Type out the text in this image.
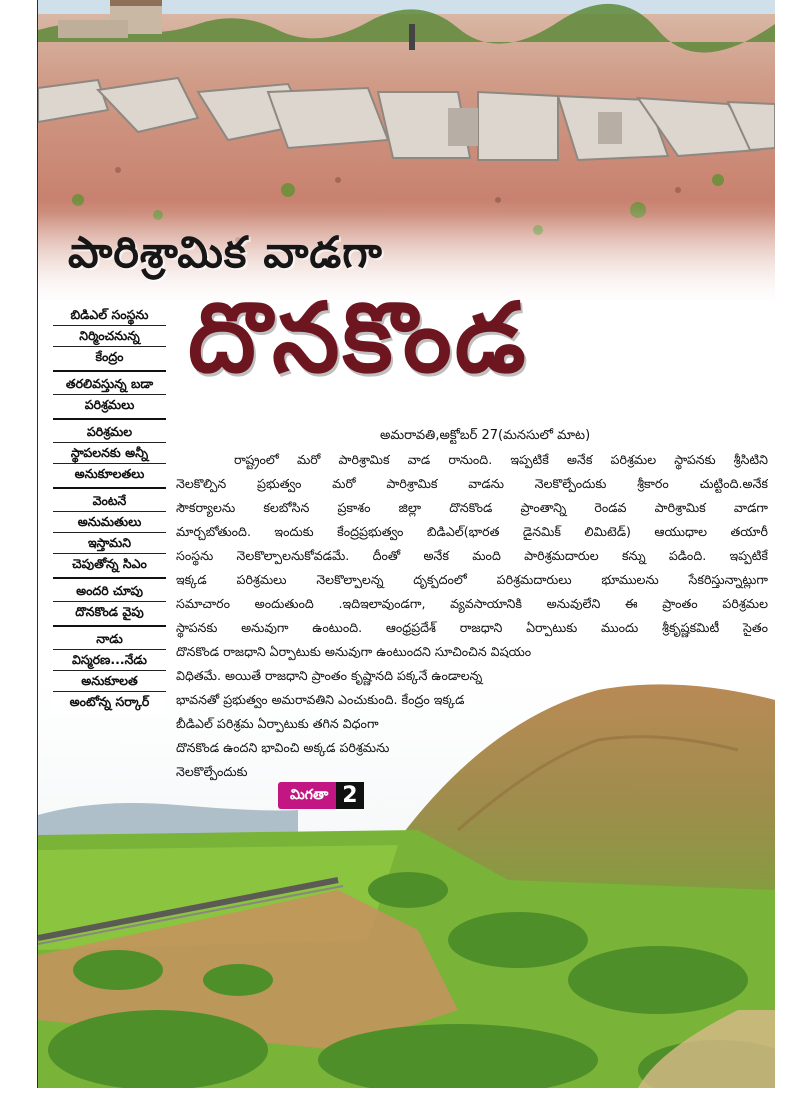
పారిశ్రామిక వాడగా
దొనకొండ
బిడిఎల్ సంస్థను
నిర్మించనున్న
కేంద్రం
తరలివస్తున్న బడా
పరిశ్రమలు
పరిశ్రమల
స్థాపలనకు అన్నీ
అనుకూలతలు
వెంటనే
అనుమతులు
ఇస్తామని
చెపుతోన్న సిఎం
అందరి చూపు
దొనకొండ వైపు
నాడు
విస్మరణ...నేడు
అనుకూలత
అంటోన్న సర్కార్
అమరావతి,అక్టోబర్ 27(మనసులో మాట)
రాష్ట్రంలో మరో పారిశ్రామిక వాడ రానుంది. ఇప్పటికే అనేక పరిశ్రమల స్థాపనకు శ్రీసిటిని
నెలకొల్పిన ప్రభుత్వం మరో పారిశ్రామిక వాడను నెలకొల్పేందుకు శ్రీకారం చుట్టింది.అనేక
సౌకర్యాలను కలబోసిన ప్రకాశం జిల్లా దొనకొండ ప్రాంతాన్ని రెండవ పారిశ్రామిక వాడగా
మార్చబోతుంది. ఇందుకు కేంద్రప్రభుత్వం బిడిఎల్(భారత డైనమిక్ లిమిటెడ్) ఆయుధాల తయారీ
సంస్థను నెలకొల్పాలనుకోవడమే. దీంతో అనేక మంది పారిశ్రమదారుల కన్ను పడింది. ఇప్పటికే
ఇక్కడ పరిశ్రమలు నెలకొల్పాలన్న దృక్పదంలో పరిశ్రమదారులు భూములను సేకరిస్తున్నాట్లుగా
సమాచారం అందుతుంది .ఇదిఇలావుండగా, వ్యవసాయానికి అనువులేని ఈ ప్రాంతం పరిశ్రమల
స్థాపనకు అనువుగా ఉంటుంది. ఆంధ్రప్రదేశ్ రాజధాని ఏర్పాటుకు ముందు శ్రీకృష్ణకమిటీ సైతం
దొనకొండ రాజధాని ఏర్పాటుకు అనువుగా ఉంటుందని సూచించిన విషయం
విధితమే. అయితే రాజధాని ప్రాంతం కృష్ణానది పక్కనే ఉండాలన్న
భావనతో ప్రభుత్వం అమరావతిని ఎంచుకుంది. కేంద్రం ఇక్కడ
బీడిఎల్ పరిశ్రమ ఏర్పాటుకు తగిన విధంగా
దొనకొండ ఉందని భావించి అక్కడ పరిశ్రమను
నెలకొల్పేందుకు
మిగతా 2
